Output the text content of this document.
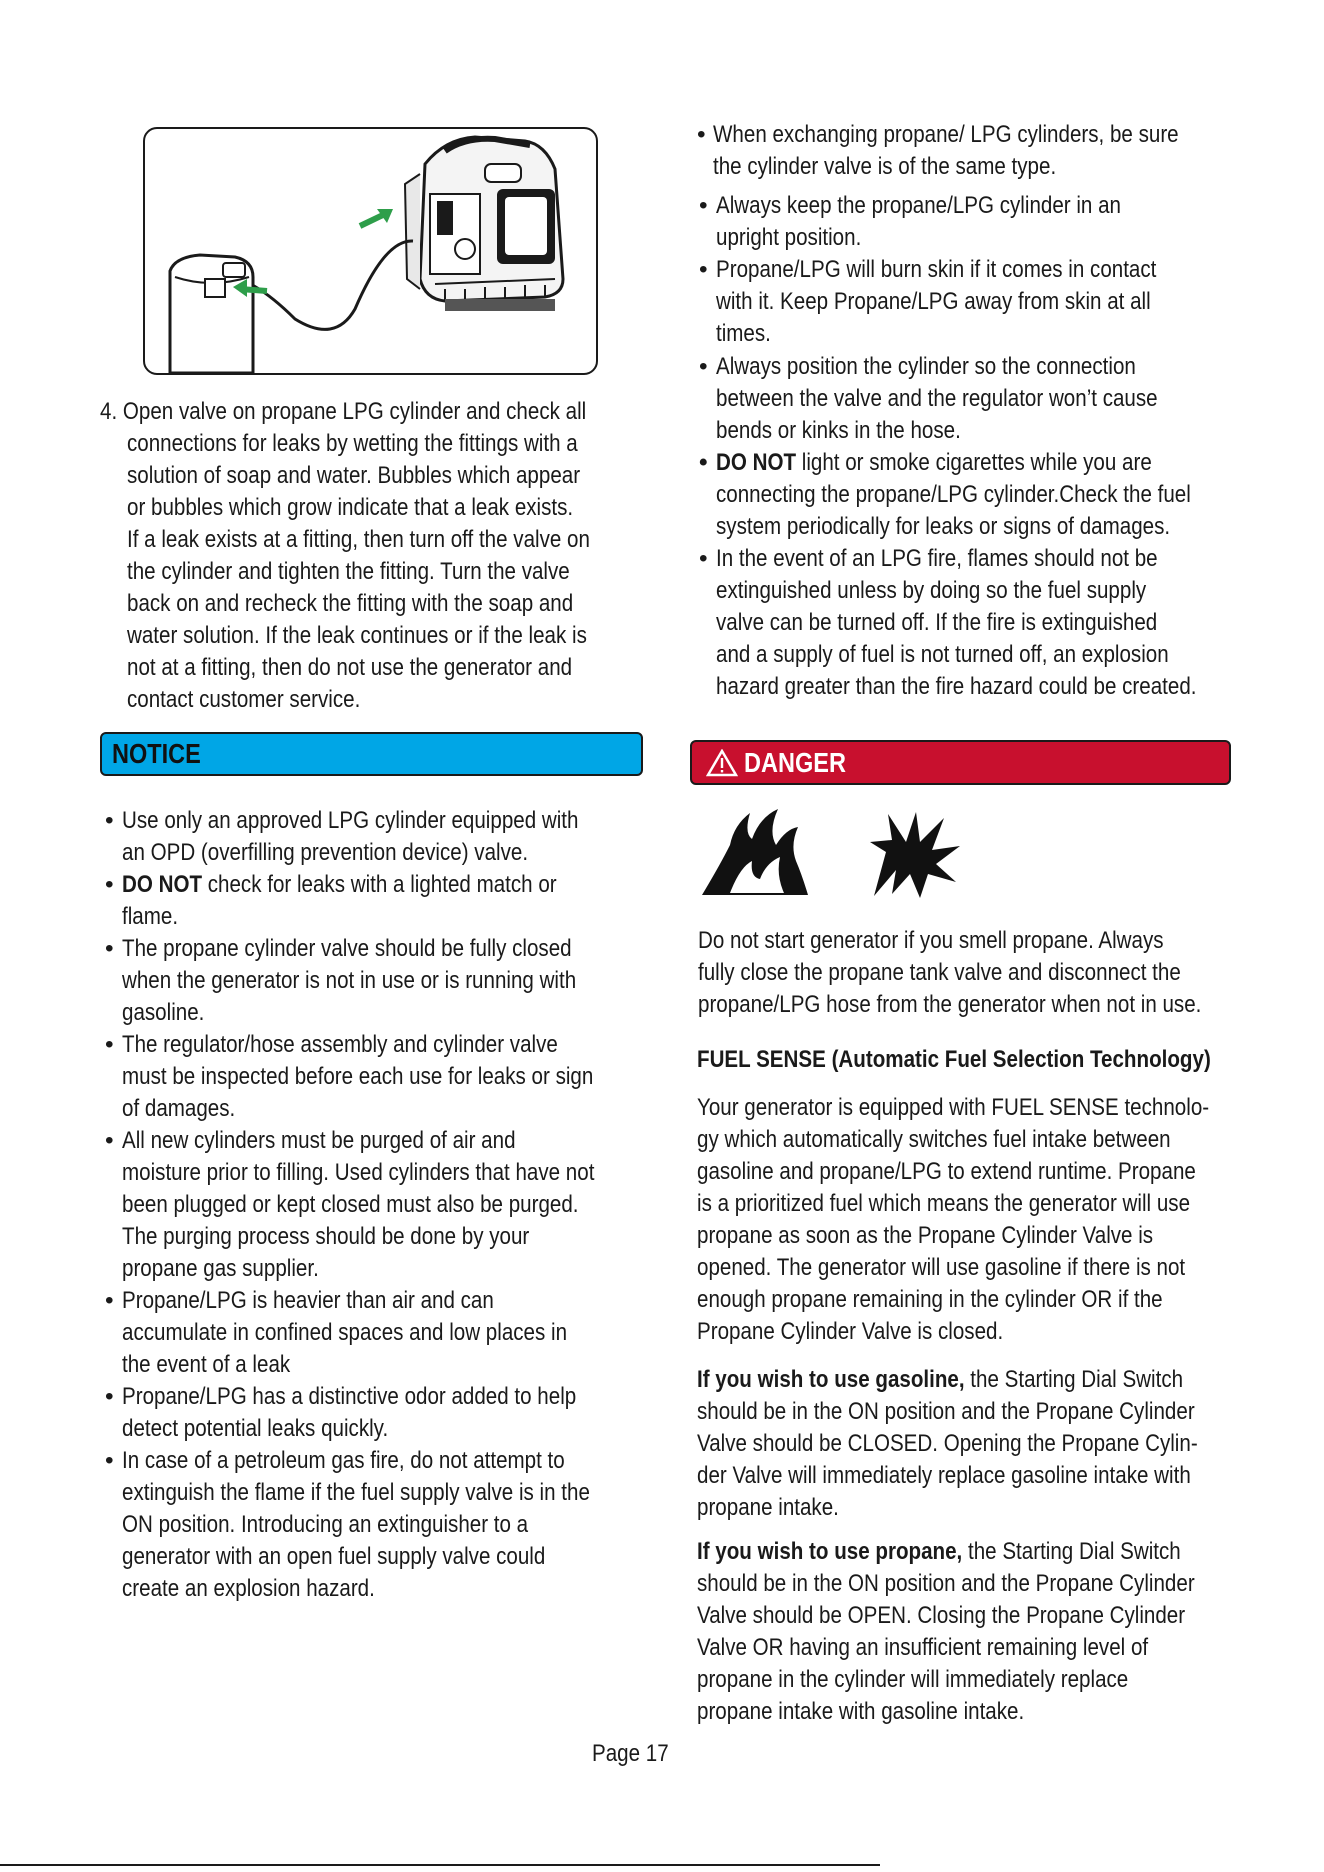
4. Open valve on propane LPG cylinder and check all
connections for leaks by wetting the fittings with a
solution of soap and water. Bubbles which appear
or bubbles which grow indicate that a leak exists.
If a leak exists at a fitting, then turn off the valve on
the cylinder and tighten the fitting. Turn the valve
back on and recheck the fitting with the soap and
water solution. If the leak continues or if the leak is
not at a fitting, then do not use the generator and
contact customer service.
NOTICE
• Use only an approved LPG cylinder equipped with
an OPD (overfilling prevention device) valve.
• DO NOT check for leaks with a lighted match or
flame.
• The propane cylinder valve should be fully closed
when the generator is not in use or is running with
gasoline.
• The regulator/hose assembly and cylinder valve
must be inspected before each use for leaks or sign
of damages.
• All new cylinders must be purged of air and
moisture prior to filling. Used cylinders that have not
been plugged or kept closed must also be purged.
The purging process should be done by your
propane gas supplier.
• Propane/LPG is heavier than air and can
accumulate in confined spaces and low places in
the event of a leak
• Propane/LPG has a distinctive odor added to help
detect potential leaks quickly.
• In case of a petroleum gas fire, do not attempt to
extinguish the flame if the fuel supply valve is in the
ON position. Introducing an extinguisher to a
generator with an open fuel supply valve could
create an explosion hazard.
• When exchanging propane/ LPG cylinders, be sure
the cylinder valve is of the same type.
• Always keep the propane/LPG cylinder in an
upright position.
• Propane/LPG will burn skin if it comes in contact
with it. Keep Propane/LPG away from skin at all
times.
• Always position the cylinder so the connection
between the valve and the regulator won’t cause
bends or kinks in the hose.
• DO NOT light or smoke cigarettes while you are
connecting the propane/LPG cylinder.Check the fuel
system periodically for leaks or signs of damages.
• In the event of an LPG fire, flames should not be
extinguished unless by doing so the fuel supply
valve can be turned off. If the fire is extinguished
and a supply of fuel is not turned off, an explosion
hazard greater than the fire hazard could be created.
DANGER
Do not start generator if you smell propane. Always
fully close the propane tank valve and disconnect the
propane/LPG hose from the generator when not in use.
FUEL SENSE (Automatic Fuel Selection Technology)
Your generator is equipped with FUEL SENSE technolo-
gy which automatically switches fuel intake between
gasoline and propane/LPG to extend runtime. Propane
is a prioritized fuel which means the generator will use
propane as soon as the Propane Cylinder Valve is
opened. The generator will use gasoline if there is not
enough propane remaining in the cylinder OR if the
Propane Cylinder Valve is closed.
If you wish to use gasoline, the Starting Dial Switch
should be in the ON position and the Propane Cylinder
Valve should be CLOSED. Opening the Propane Cylin-
der Valve will immediately replace gasoline intake with
propane intake.
If you wish to use propane, the Starting Dial Switch
should be in the ON position and the Propane Cylinder
Valve should be OPEN. Closing the Propane Cylinder
Valve OR having an insufficient remaining level of
propane in the cylinder will immediately replace
propane intake with gasoline intake.
Page 17
